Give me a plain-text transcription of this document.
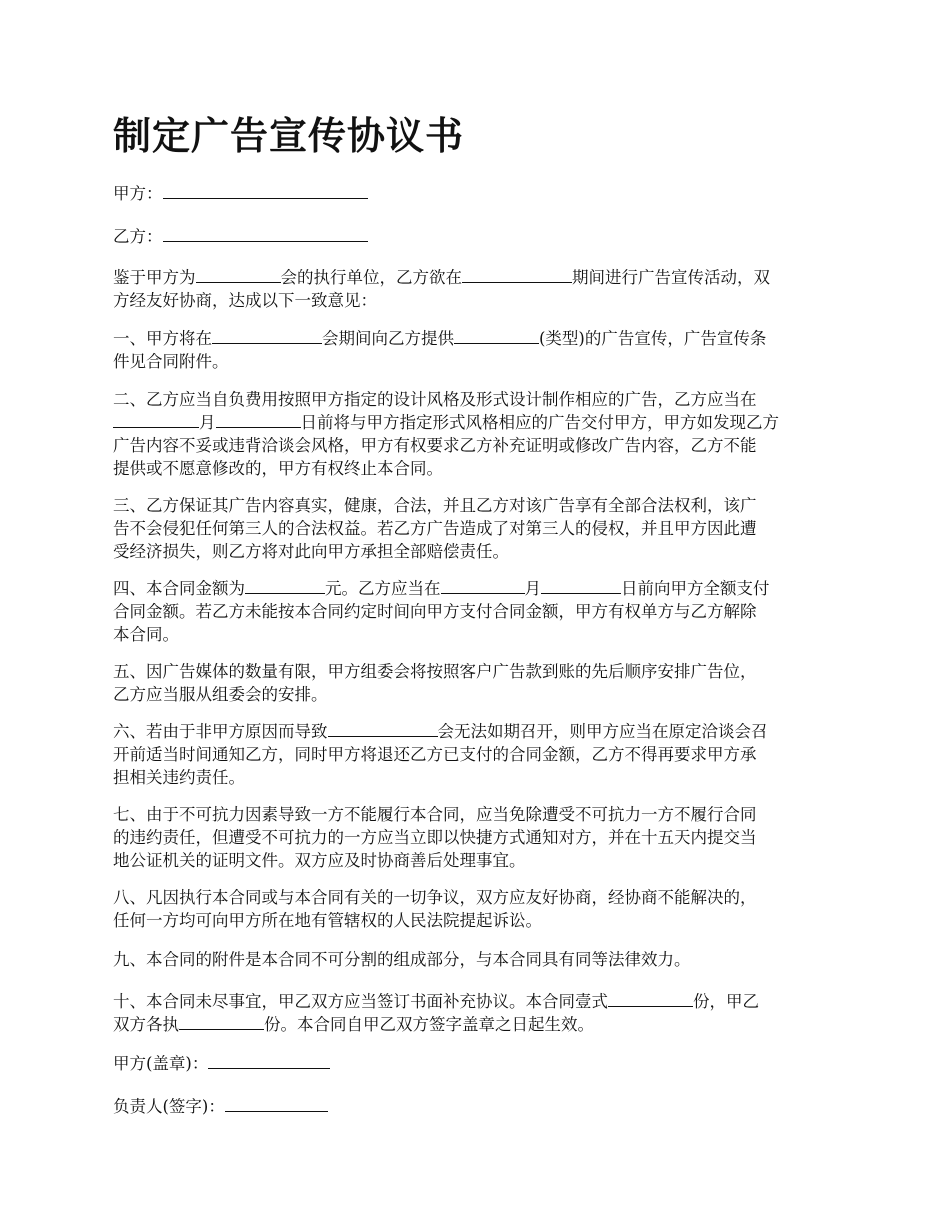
制定广告宣传协议书
甲方：
乙方：
鉴于甲方为	会的执行单位，乙方欲在	期间进行广告宣传活动，双
方经友好协商，达成以下一致意见：
一、甲方将在	会期间向乙方提供	(类型)的广告宣传，广告宣传条
件见合同附件。
二、乙方应当自负费用按照甲方指定的设计风格及形式设计制作相应的广告，乙方应当在
月	日前将与甲方指定形式风格相应的广告交付甲方，甲方如发现乙方
广告内容不妥或违背洽谈会风格，甲方有权要求乙方补充证明或修改广告内容，乙方不能
提供或不愿意修改的，甲方有权终止本合同。
三、乙方保证其广告内容真实，健康，合法，并且乙方对该广告享有全部合法权利，该广
告不会侵犯任何第三人的合法权益。若乙方广告造成了对第三人的侵权，并且甲方因此遭
受经济损失，则乙方将对此向甲方承担全部赔偿责任。
四、本合同金额为	元。乙方应当在	月	日前向甲方全额支付
合同金额。若乙方未能按本合同约定时间向甲方支付合同金额，甲方有权单方与乙方解除
本合同。
五、因广告媒体的数量有限，甲方组委会将按照客户广告款到账的先后顺序安排广告位，
乙方应当服从组委会的安排。
六、若由于非甲方原因而导致	会无法如期召开，则甲方应当在原定洽谈会召
开前适当时间通知乙方，同时甲方将退还乙方已支付的合同金额，乙方不得再要求甲方承
担相关违约责任。
七、由于不可抗力因素导致一方不能履行本合同，应当免除遭受不可抗力一方不履行合同
的违约责任，但遭受不可抗力的一方应当立即以快捷方式通知对方，并在十五天内提交当
地公证机关的证明文件。双方应及时协商善后处理事宜。
八、凡因执行本合同或与本合同有关的一切争议，双方应友好协商，经协商不能解决的，
任何一方均可向甲方所在地有管辖权的人民法院提起诉讼。
九、本合同的附件是本合同不可分割的组成部分，与本合同具有同等法律效力。
十、本合同未尽事宜，甲乙双方应当签订书面补充协议。本合同壹式	份，甲乙
双方各执	份。本合同自甲乙双方签字盖章之日起生效。
甲方(盖章)：
负责人(签字)：
